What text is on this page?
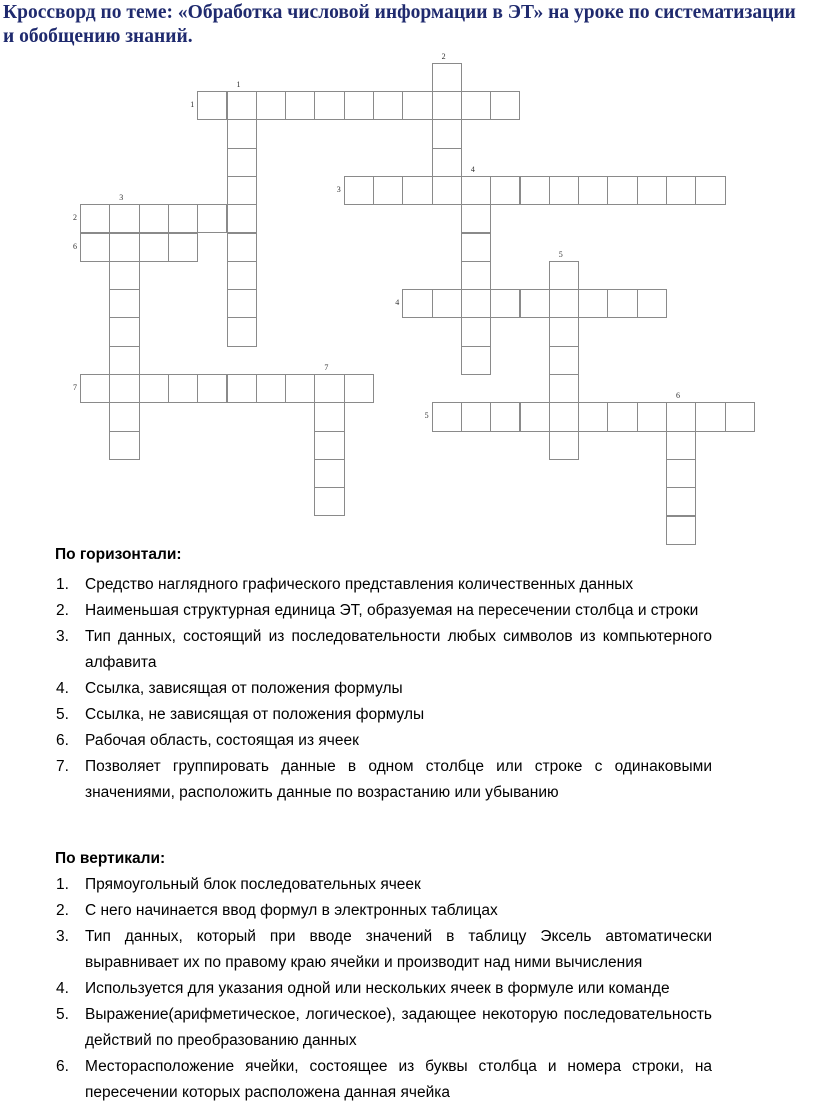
Кроссворд по теме: «Обработка числовой информации в ЭТ» на уроке по систематизации и обобщению знаний.
1
2
3
4
5
6
7
1
2
3
4
5
6
7
По горизонтали:
1. Средство наглядного графического представления количественных данных
2. Наименьшая структурная единица ЭТ, образуемая на пересечении столбца и строки
3. Тип данных, состоящий из последовательности любых символов из компьютерного алфавита
4. Ссылка, зависящая от положения формулы
5. Ссылка, не зависящая от положения формулы
6. Рабочая область, состоящая из ячеек
7. Позволяет группировать данные в одном столбце или строке с одинаковыми значениями, расположить данные по возрастанию или убыванию
По вертикали:
1. Прямоугольный блок последовательных ячеек
2. С него начинается ввод формул в электронных таблицах
3. Тип данных, который при вводе значений в таблицу Эксель автоматически выравнивает их по правому краю ячейки и производит над ними вычисления
4. Используется для указания одной или нескольких ячеек в формуле или команде
5. Выражение(арифметическое, логическое), задающее некоторую последовательность действий по преобразованию данных
6. Месторасположение ячейки, состоящее из буквы столбца и номера строки, на пересечении которых расположена данная ячейка
